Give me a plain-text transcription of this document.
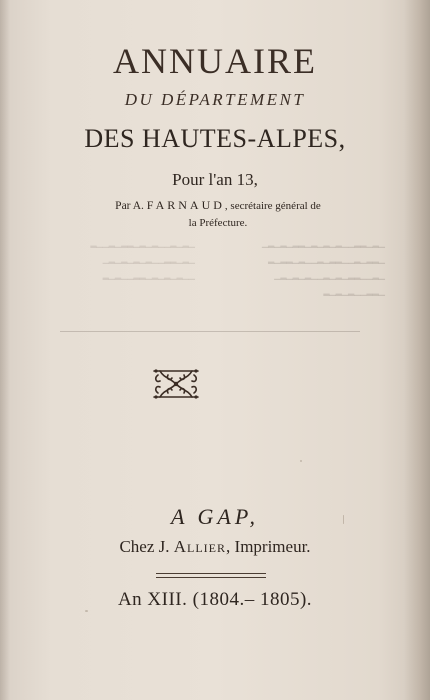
ANNUAIRE
DU DÉPARTEMENT
DES HAUTES-ALPES,
Pour l'an 13,
Par A. FARNAUD, secrétaire général de
la Préfecture.
▁▂▁▂▂▁▁▂▁▂▁▂▁▂▂▁▂▁▂▁
▁▂▂▁▂▁▁▂▂▁▂▁▁▂▁▂▂▁▂
▁▂▁▁▂▂▁▂▁▂▁▁▂▁▂▁▂▁
▁▂▂▁▁▂▁▂▁▂
▁▂▁▂▁▁▂▁▂▁▂▂▁▂▁▁▂
▁▂▁▂▂▁▁▂▁▂▁▂▁▂▁
▁▁▂▁▂▁▂▁▂▂▁▁▂▁▂
A GAP,
Chez J. Allier, Imprimeur.
An XIII. (1804.– 1805).
